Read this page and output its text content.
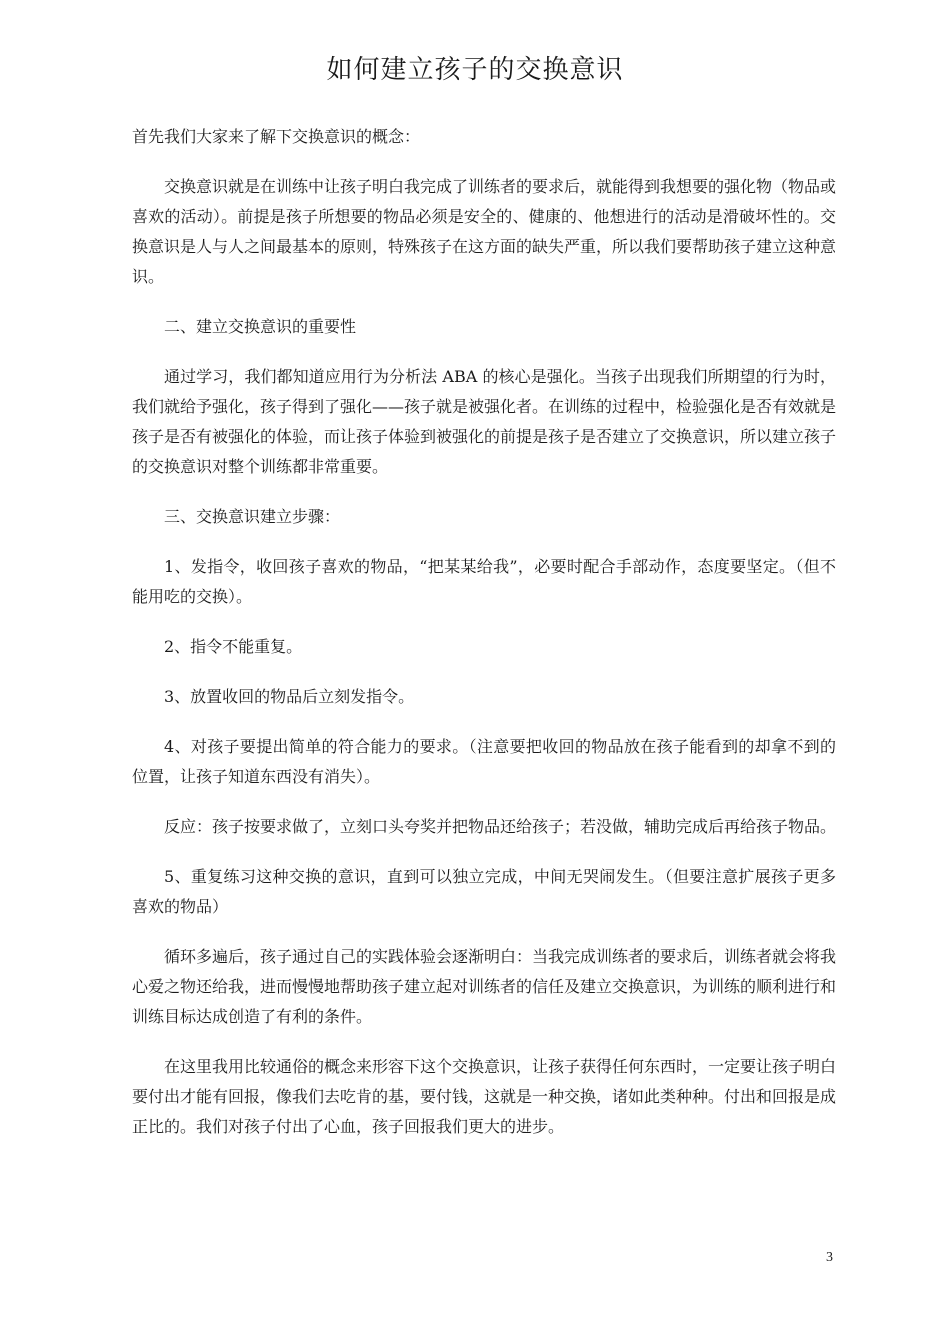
如何建立孩子的交换意识

首先我们大家来了解下交换意识的概念：

交换意识就是在训练中让孩子明白我完成了训练者的要求后，就能得到我想要的强化物（物品或喜欢的活动）。前提是孩子所想要的物品必须是安全的、健康的、他想进行的活动是滑破坏性的。交换意识是人与人之间最基本的原则，特殊孩子在这方面的缺失严重，所以我们要帮助孩子建立这种意识。

二、建立交换意识的重要性

通过学习，我们都知道应用行为分析法 ABA 的核心是强化。当孩子出现我们所期望的行为时，我们就给予强化，孩子得到了强化——孩子就是被强化者。在训练的过程中，检验强化是否有效就是孩子是否有被强化的体验，而让孩子体验到被强化的前提是孩子是否建立了交换意识，所以建立孩子的交换意识对整个训练都非常重要。

三、交换意识建立步骤：

1、发指令，收回孩子喜欢的物品，“把某某给我”，必要时配合手部动作，态度要坚定。（但不能用吃的交换）。

2、指令不能重复。

3、放置收回的物品后立刻发指令。

4、对孩子要提出简单的符合能力的要求。（注意要把收回的物品放在孩子能看到的却拿不到的位置，让孩子知道东西没有消失）。

反应：孩子按要求做了，立刻口头夸奖并把物品还给孩子；若没做，辅助完成后再给孩子物品。

5、重复练习这种交换的意识，直到可以独立完成，中间无哭闹发生。（但要注意扩展孩子更多喜欢的物品）

循环多遍后，孩子通过自己的实践体验会逐渐明白：当我完成训练者的要求后，训练者就会将我心爱之物还给我，进而慢慢地帮助孩子建立起对训练者的信任及建立交换意识，为训练的顺利进行和训练目标达成创造了有利的条件。

在这里我用比较通俗的概念来形容下这个交换意识，让孩子获得任何东西时，一定要让孩子明白要付出才能有回报，像我们去吃肯的基，要付钱，这就是一种交换，诸如此类种种。付出和回报是成正比的。我们对孩子付出了心血，孩子回报我们更大的进步。

3
